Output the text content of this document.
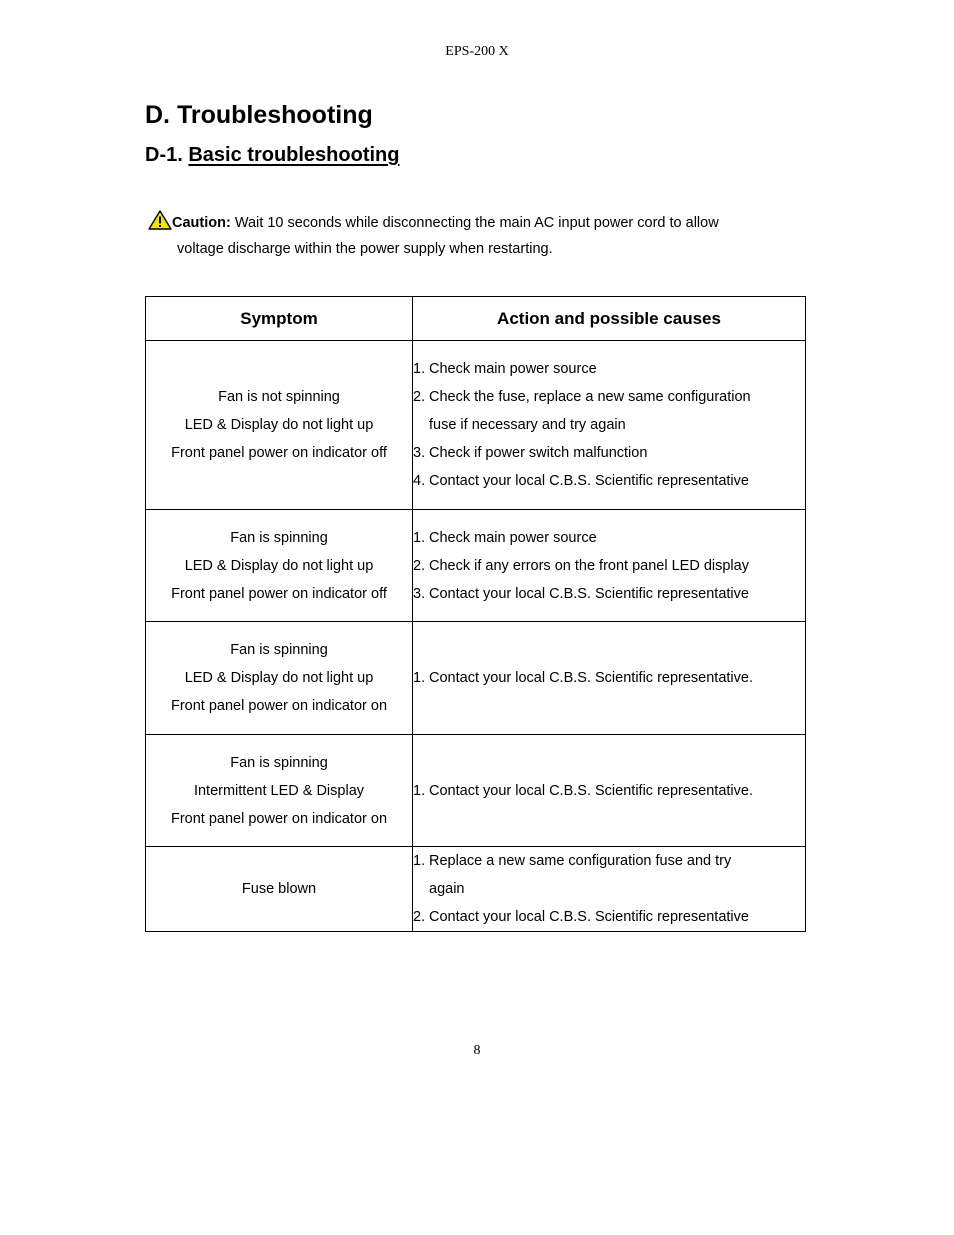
EPS-200 X
D. Troubleshooting
D-1. Basic troubleshooting
Caution: Wait 10 seconds while disconnecting the main AC input power cord to allow
voltage discharge within the power supply when restarting.
Symptom	Action and possible causes

Fan is not spinning
LED & Display do not light up
Front panel power on indicator off	1. Check main power source
2. Check the fuse, replace a new same configuration
fuse if necessary and try again
3. Check if power switch malfunction
4. Contact your local C.B.S. Scientific representative

Fan is spinning
LED & Display do not light up
Front panel power on indicator off	1. Check main power source
2. Check if any errors on the front panel LED display
3. Contact your local C.B.S. Scientific representative

Fan is spinning
LED & Display do not light up
Front panel power on indicator on	1. Contact your local C.B.S. Scientific representative.

Fan is spinning
Intermittent LED & Display
Front panel power on indicator on	1. Contact your local C.B.S. Scientific representative.

Fuse blown	1. Replace a new same configuration fuse and try
again
2. Contact your local C.B.S. Scientific representative
8
